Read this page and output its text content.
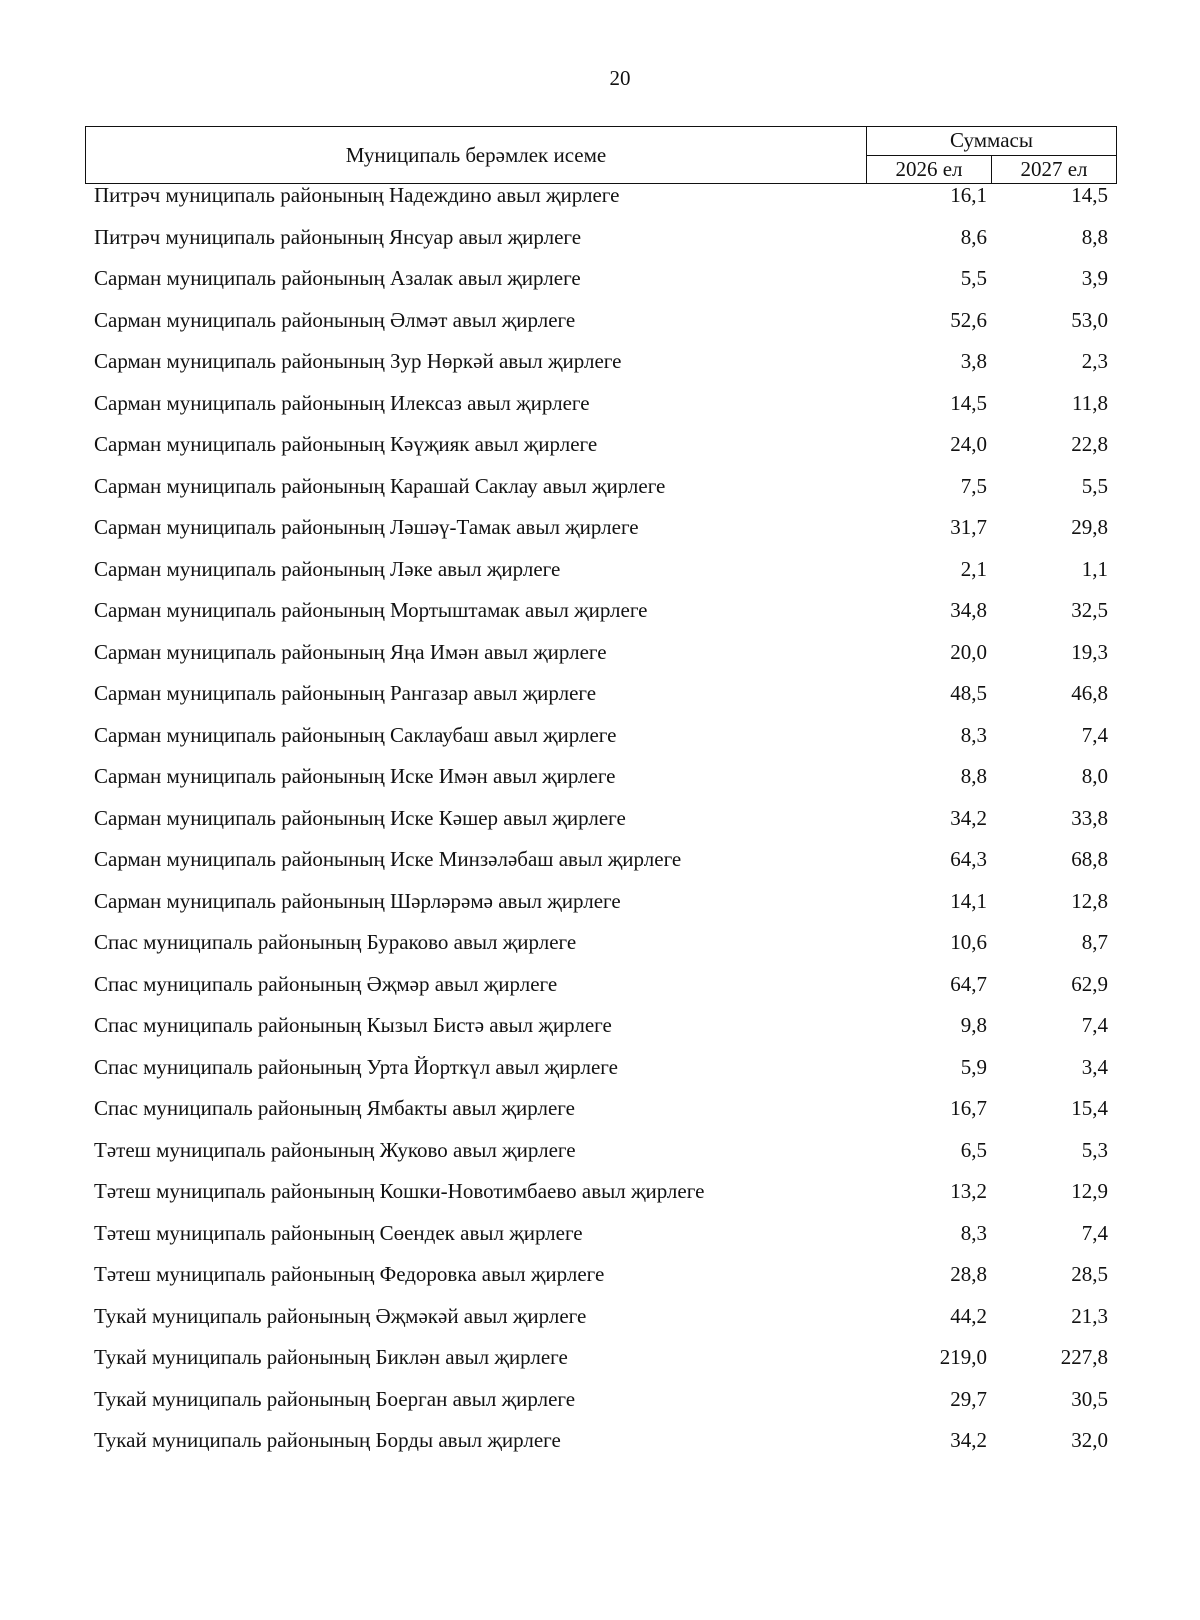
20
Муниципаль берәмлек исеме	Суммасы	
	2026 ел	2027 ел
Питрәч муниципаль районының Надеждино авыл җирлеге	16,1	14,5
Питрәч муниципаль районының Янсуар авыл җирлеге	8,6	8,8
Сарман муниципаль районының Азалак авыл җирлеге	5,5	3,9
Сарман муниципаль районының Әлмәт авыл җирлеге	52,6	53,0
Сарман муниципаль районының Зур Нөркәй авыл җирлеге	3,8	2,3
Сарман муниципаль районының Илексаз авыл җирлеге	14,5	11,8
Сарман муниципаль районының Кәүҗияк авыл җирлеге	24,0	22,8
Сарман муниципаль районының Карашай Саклау авыл җирлеге	7,5	5,5
Сарман муниципаль районының Ләшәү-Тамак авыл җирлеге	31,7	29,8
Сарман муниципаль районының Ләке авыл җирлеге	2,1	1,1
Сарман муниципаль районының Мортыштамак авыл җирлеге	34,8	32,5
Сарман муниципаль районының Яңа Имән авыл җирлеге	20,0	19,3
Сарман муниципаль районының Рангазар авыл җирлеге	48,5	46,8
Сарман муниципаль районының Саклаубаш авыл җирлеге	8,3	7,4
Сарман муниципаль районының Иске Имән авыл җирлеге	8,8	8,0
Сарман муниципаль районының Иске Кәшер авыл җирлеге	34,2	33,8
Сарман муниципаль районының Иске Минзәләбаш авыл җирлеге	64,3	68,8
Сарман муниципаль районының Шәрләрәмә авыл җирлеге	14,1	12,8
Спас муниципаль районының Бураково авыл җирлеге	10,6	8,7
Спас муниципаль районының Әҗмәр авыл җирлеге	64,7	62,9
Спас муниципаль районының Кызыл Бистә авыл җирлеге	9,8	7,4
Спас муниципаль районының Урта Йорткүл авыл җирлеге	5,9	3,4
Спас муниципаль районының Ямбакты авыл җирлеге	16,7	15,4
Тәтеш муниципаль районының Жуково авыл җирлеге	6,5	5,3
Тәтеш муниципаль районының Кошки-Новотимбаево авыл җирлеге	13,2	12,9
Тәтеш муниципаль районының Сөендек авыл җирлеге	8,3	7,4
Тәтеш муниципаль районының Федоровка авыл җирлеге	28,8	28,5
Тукай муниципаль районының Әҗмәкәй авыл җирлеге	44,2	21,3
Тукай муниципаль районының Биклән авыл җирлеге	219,0	227,8
Тукай муниципаль районының Боерган авыл җирлеге	29,7	30,5
Тукай муниципаль районының Борды авыл җирлеге	34,2	32,0
